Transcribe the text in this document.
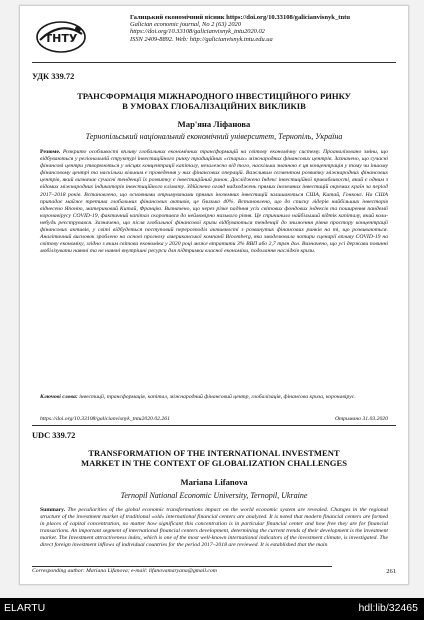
ТНТУ
Галицький економічний вісник https://doi.org/10.33108/galicianvisnyk_tntu
Galician economic journal, No 2 (63) 2020
https://doi.org/10.33108/galicianvisnyk_tntu2020.02
ISSN 2409-8892. Web: http://galicianvisnyk.tntu.edu.ua
УДК 339.72
ТРАНСФОРМАЦІЯ МІЖНАРОДНОГО ІНВЕСТИЦІЙНОГО РИНКУ
В УМОВАХ ГЛОБАЛІЗАЦІЙНИХ ВИКЛИКІВ
Мар'яна Ліфанова
Тернопільський національний економічний університет, Тернопіль, Україна
Резюме. Розкрито особливості впливу глобальних економічних трансформацій на світову економічну систему. Проаналізовано зміни, що відбуваються у регіональній структурі інвестиційного ринку традиційних «старих» міжнародних фінансових центрів. Зазначено, що сучасні фінансові центри утворюються у місцях концентрації капіталу, незалежно від того, наскільки значною є ця концентрація у тому чи іншому фінансовому центрі та наскільки вільним є проведення у них фінансових операцій. Важливим сегментом розвитку міжнародних фінансових центрів, який визначає сучасні тенденції їх розвитку є інвестиційний ринок. Досліджено Індекс інвестиційної привабливості, який є одним з відомих міжнародних індикаторів інвестиційного клімату. Здійснено огляд надходжень прямих іноземних інвестицій окремих країн за період 2017–2018 років. Встановлено, що основними отримувачами прямих іноземних інвестицій залишаються США, Китай, Гонконг. На США припадає майже третина глобальних фінансових активів, це близько 40%. Встановлено, що до списку лідерів найбільших інвесторів віднесено Японію, материковий Китай, Францію. Визначено, що через різке падіння усіх світових фондових індексів та поширення пандемії коронавірусу COVID-19, фактичний капітал скоротився до неймовірно низького рівня. Це спричинило найбільший відтік капіталу, який коли-небудь реєструвався. Зазначено, що після глобальної фінансової кризи відбуваються тенденції до зниження рівня простору концентрації фінансових активів, у світі відбудеться поступовий перерозподіл активності з розвинутих фінансових ринків на ті, що розвиваються. Аналітичний висновок зроблено на основі прогнозу американської компанії Bloomberg, яка змоделювала чотири сценарії впливу COVID-19 на світову економіку, згідно з яким світова економіка у 2020 році може втратити 3% ВВП або 2,7 трлн дол. Визначено, що усі держави повинні мобілізувати наявні та не наявні внутрішні ресурси для підтримки власної економіки, подолання наслідків кризи.
Ключові слова: інвестиції, трансформація, капітал, міжнародний фінансовий центр, глобалізація, фінансова криза, коронавірус.
https://doi.org/10.33108/galicianvisnyk_tntu2020.02.261	Отримано 31.03.2020
UDC 339.72
TRANSFORMATION OF THE INTERNATIONAL INVESTMENT
MARKET IN THE CONTEXT OF GLOBALIZATION CHALLENGES
Mariana Lifanova
Ternopil National Economic University, Ternopil, Ukraine
Summary. The peculiarities of the global economic transformations impact on the world economic system are revealed. Changes in the regional structure of the investment market of traditional «old» international financial centers are analyzed. It is noted that modern financial centers are formed in places of capital concentration, no matter how significant this concentration is in particular financial center and how free they are for financial transactions. An important segment of international financial centers development, determining the current trends of their development is the investment market. The Investment attractiveness index, which is one of the most well-known international indicators of the investment climate, is investigated. The direct foreign investment inflows of individual countries for the period 2017–2018 are reviewed. It is established that the main
Corresponding author: Mariana Lifanova; e-mail: lifanovamaryana@gmail.com	261
ELARTU	hdl:lib/32465
